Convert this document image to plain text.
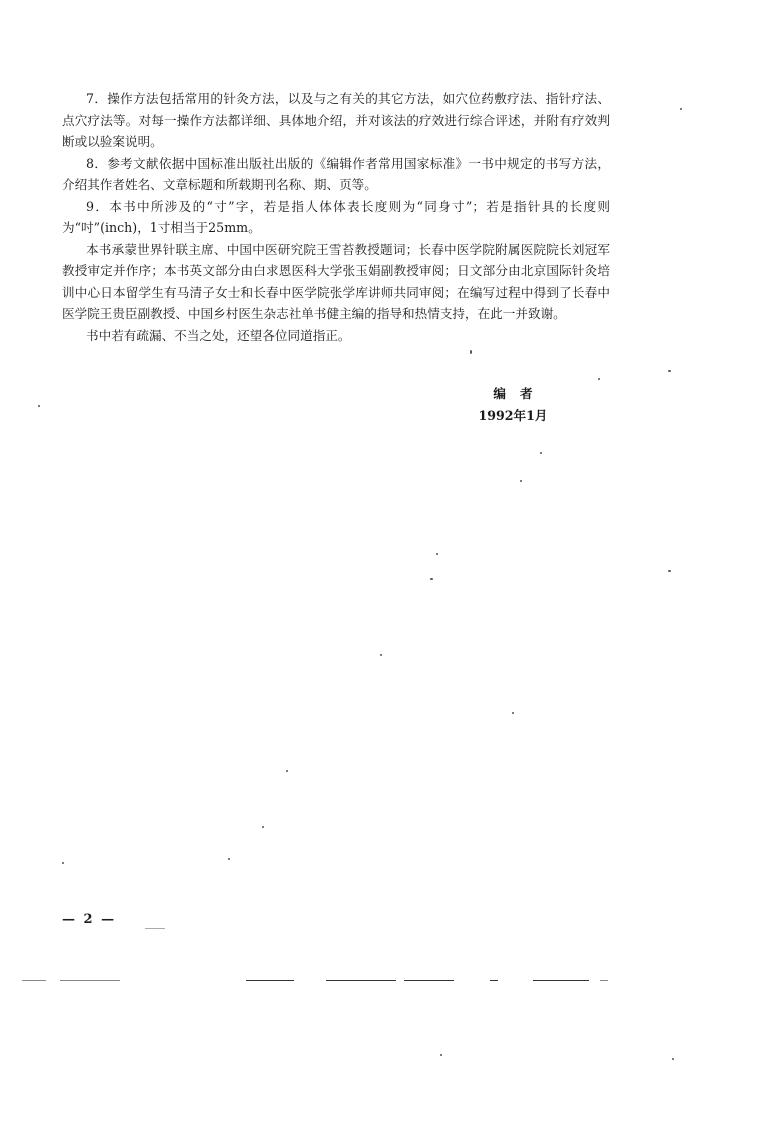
7．操作方法包括常用的针灸方法，以及与之有关的其它方法，如穴位药敷疗法、指针疗法、点穴疗法等。对每一操作方法都详细、具体地介绍，并对该法的疗效进行综合评述，并附有疗效判断或以验案说明。

8．参考文献依据中国标准出版社出版的《编辑作者常用国家标准》一书中规定的书写方法，介绍其作者姓名、文章标题和所载期刊名称、期、页等。

9．本书中所涉及的“寸”字，若是指人体体表长度则为“同身寸”；若是指针具的长度则为“吋”(inch)，1寸相当于25mm。

本书承蒙世界针联主席、中国中医研究院王雪苔教授题词；长春中医学院附属医院院长刘冠军教授审定并作序；本书英文部分由白求恩医科大学张玉娟副教授审阅；日文部分由北京国际针灸培训中心日本留学生有马清子女士和长春中医学院张学库讲师共同审阅；在编写过程中得到了长春中医学院王贵臣副教授、中国乡村医生杂志社单书健主编的指导和热情支持，在此一并致谢。

书中若有疏漏、不当之处，还望各位同道指正。

编者
1992年1月
— 2 —
